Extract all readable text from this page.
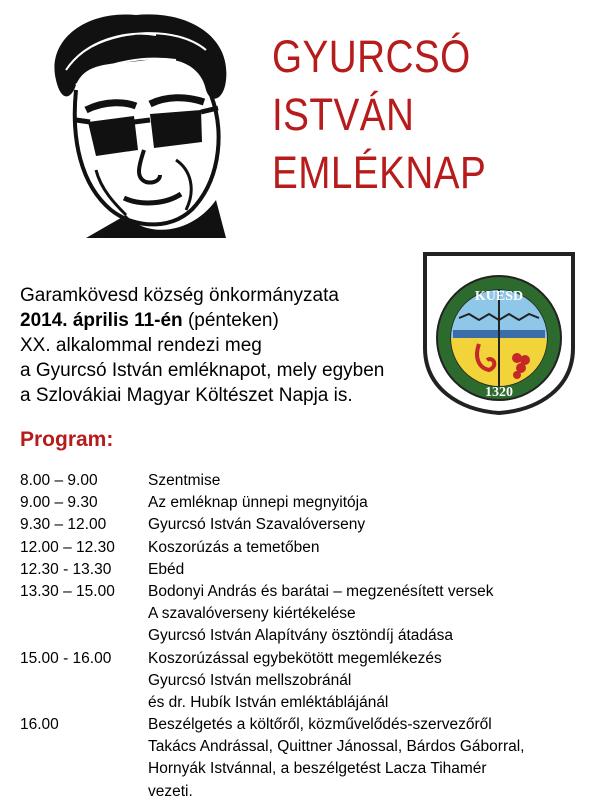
GYURCSÓ
ISTVÁN
EMLÉKNAP
KUESD
1320
Garamkövesd község önkormányzata
2014. április 11-én (pénteken)
XX. alkalommal rendezi meg
a Gyurcsó István emléknapot, mely egyben
a Szlovákiai Magyar Költészet Napja is.
Program:
8.00 – 9.00	Szentmise
9.00 – 9.30	Az emléknap ünnepi megnyitója
9.30 – 12.00	Gyurcsó István Szavalóverseny
12.00 – 12.30 Koszorúzás a temetőben
12.30 - 13.30 Ebéd
13.30 – 15.00 Bodonyi András és barátai – megzenésített versek
A szavalóverseny kiértékelése
Gyurcsó István Alapítvány ösztöndíj átadása
15.00 - 16.00 Koszorúzással egybekötött megemlékezés
Gyurcsó István mellszobránál
és dr. Hubík István emléktáblájánál
16.00	Beszélgetés a költőről, közművelődés-szervezőről
Takács Andrással, Quittner Jánossal, Bárdos Gáborral,
Hornyák Istvánnal, a beszélgetést Lacza Tihamér
vezeti.
